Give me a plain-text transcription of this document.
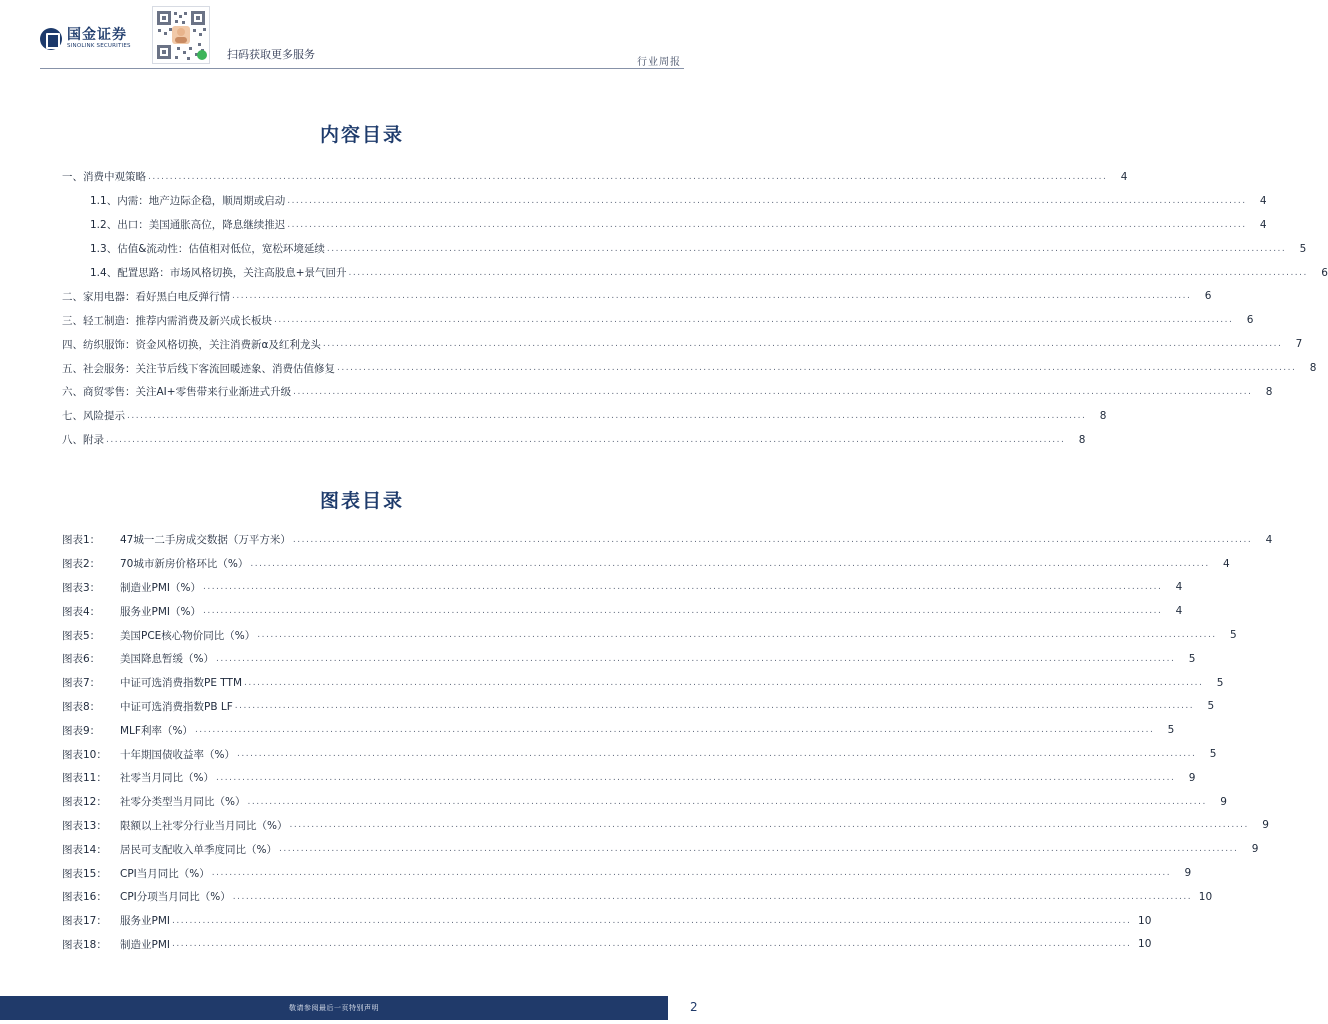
国金证券
SINOLINK SECURITIES
扫码获取更多服务
行业周报
内容目录
一、消费中观策略 ............................................................................................................................................................................................................................	4
1.1、内需：地产边际企稳，顺周期或启动 ............................................................................................................................................................................................................................	4
1.2、出口：美国通胀高位，降息继续推迟 ............................................................................................................................................................................................................................	4
1.3、估值&流动性：估值相对低位，宽松环境延续 ............................................................................................................................................................................................................................	5
1.4、配置思路：市场风格切换，关注高股息+景气回升 ............................................................................................................................................................................................................................	6
二、家用电器：看好黑白电反弹行情 ............................................................................................................................................................................................................................	6
三、轻工制造：推荐内需消费及新兴成长板块 ............................................................................................................................................................................................................................	6
四、纺织服饰：资金风格切换，关注消费新α及红利龙头 ............................................................................................................................................................................................................................	7
五、社会服务：关注节后线下客流回暖迹象、消费估值修复 ............................................................................................................................................................................................................................	8
六、商贸零售：关注AI+零售带来行业渐进式升级 ............................................................................................................................................................................................................................	8
七、风险提示 ............................................................................................................................................................................................................................	8
八、附录 ............................................................................................................................................................................................................................	8
图表目录
图表1： 47城一二手房成交数据（万平方米） ............................................................................................................................................................................................................................	4
图表2： 70城市新房价格环比（%） ............................................................................................................................................................................................................................	4
图表3： 制造业PMI（%） ............................................................................................................................................................................................................................	4
图表4： 服务业PMI（%） ............................................................................................................................................................................................................................	4
图表5： 美国PCE核心物价同比（%） ............................................................................................................................................................................................................................	5
图表6： 美国降息暂缓（%） ............................................................................................................................................................................................................................	5
图表7： 中证可选消费指数PE TTM ............................................................................................................................................................................................................................	5
图表8： 中证可选消费指数PB LF ............................................................................................................................................................................................................................	5
图表9： MLF利率（%） ............................................................................................................................................................................................................................	5
图表10： 十年期国债收益率（%） ............................................................................................................................................................................................................................	5
图表11： 社零当月同比（%） ............................................................................................................................................................................................................................	9
图表12： 社零分类型当月同比（%） ............................................................................................................................................................................................................................	9
图表13： 限额以上社零分行业当月同比（%） ............................................................................................................................................................................................................................	9
图表14： 居民可支配收入单季度同比（%） ............................................................................................................................................................................................................................	9
图表15： CPI当月同比（%） ............................................................................................................................................................................................................................	9
图表16： CPI分项当月同比（%） ............................................................................................................................................................................................................................ 10
图表17： 服务业PMI ............................................................................................................................................................................................................................ 10
图表18： 制造业PMI ............................................................................................................................................................................................................................ 10
敬请参阅最后一页特别声明	2
